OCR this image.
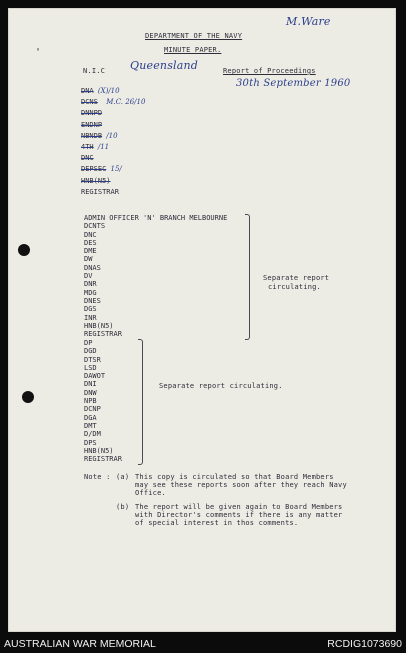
M.Ware
'
DEPARTMENT OF THE NAVY
MINUTE PAPER.
N.I.C Queensland	Report of Proceedings
30th September 1960
DNA (X)/10
DCNS M.C. 26/10
DNNPD
ENDNP
NBNDB /10
4TH /11
DNC
DEPSEC 15/
HNB(N5)
REGISTRAR
ADMIN OFFICER 'N' BRANCH MELBOURNE
DCNTS
DNC
DES
DME
DW
DNAS
DV
DNR
MDG
DNES
DGS
INR
HNB(N5)
REGISTRAR
Separate report
circulating.
DP
DGD
DTSR
LSD
DAWOT
DNI
DNW
NPB
DCNP
DGA
DMT
D/DM
DPS
HNB(N5)
REGISTRAR
Separate report circulating.
Note : (a) This copy is circulated so that Board Members
may see these reports soon after they reach Navy
Office.
(b) The report will be given again to Board Members
with Director's comments if there is any matter
of special interest in thos comments.
AUSTRALIAN WAR MEMORIAL	RCDIG1073690
